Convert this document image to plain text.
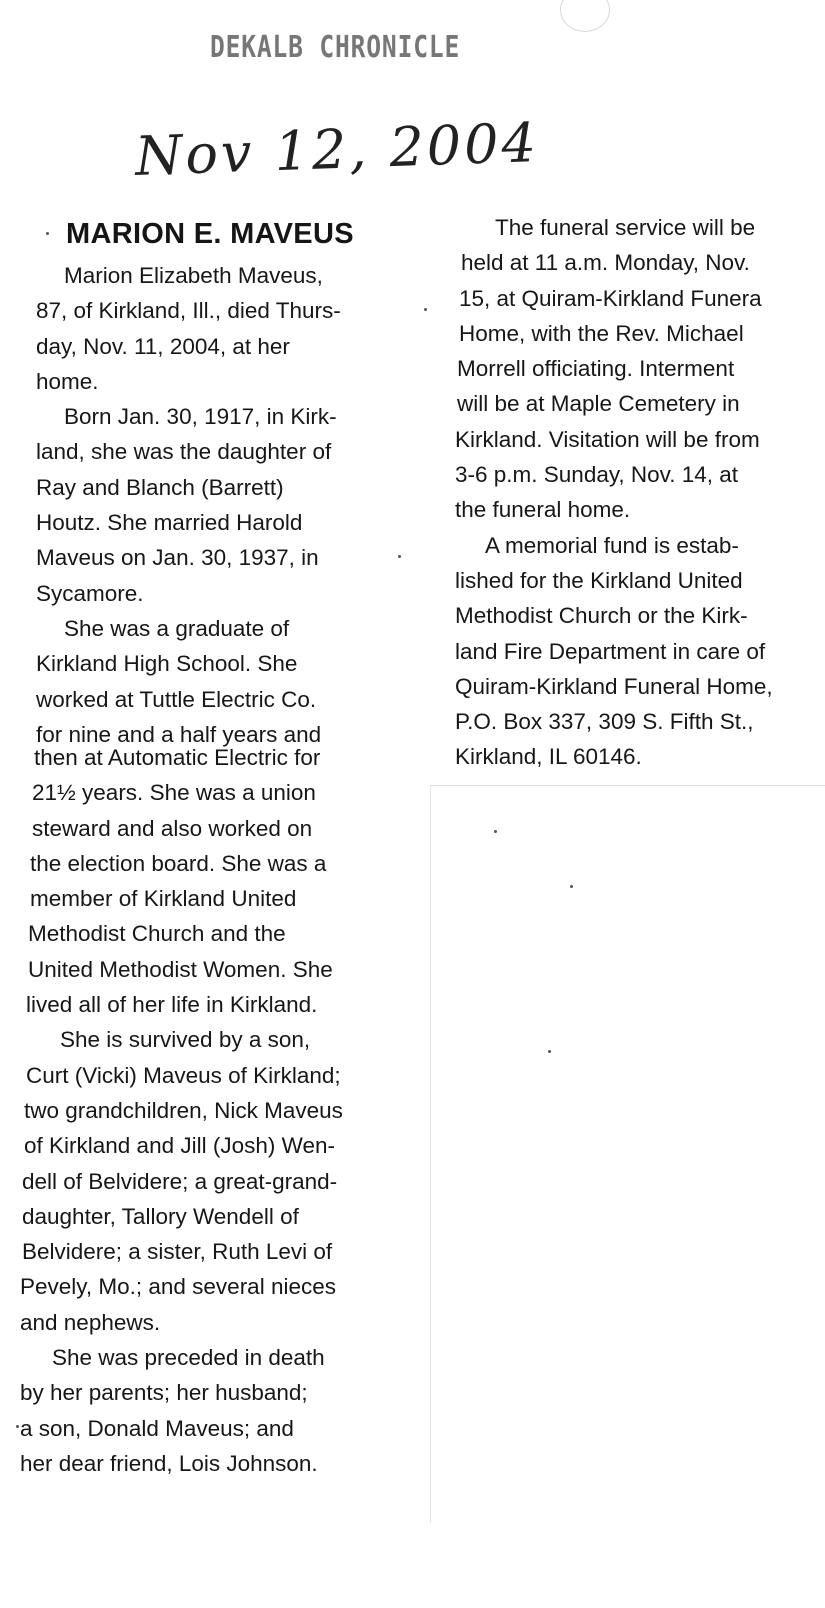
DEKALB CHRONICLE
Nov 12, 2004
MARION E. MAVEUS
Marion Elizabeth Maveus,
87, of Kirkland, Ill., died Thurs-
day, Nov. 11, 2004, at her
home.
Born Jan. 30, 1917, in Kirk-
land, she was the daughter of
Ray and Blanch (Barrett)
Houtz. She married Harold
Maveus on Jan. 30, 1937, in
Sycamore.
She was a graduate of
Kirkland High School. She
worked at Tuttle Electric Co.
for nine and a half years and
then at Automatic Electric for
21½ years. She was a union
steward and also worked on
the election board. She was a
member of Kirkland United
Methodist Church and the
United Methodist Women. She
lived all of her life in Kirkland.
She is survived by a son,
Curt (Vicki) Maveus of Kirkland;
two grandchildren, Nick Maveus
of Kirkland and Jill (Josh) Wen-
dell of Belvidere; a great-grand-
daughter, Tallory Wendell of
Belvidere; a sister, Ruth Levi of
Pevely, Mo.; and several nieces
and nephews.
She was preceded in death
by her parents; her husband;
a son, Donald Maveus; and
her dear friend, Lois Johnson.
The funeral service will be
held at 11 a.m. Monday, Nov.
15, at Quiram-Kirkland Funera
Home, with the Rev. Michael
Morrell officiating. Interment
will be at Maple Cemetery in
Kirkland. Visitation will be from
3-6 p.m. Sunday, Nov. 14, at
the funeral home.
A memorial fund is estab-
lished for the Kirkland United
Methodist Church or the Kirk-
land Fire Department in care of
Quiram-Kirkland Funeral Home,
P.O. Box 337, 309 S. Fifth St.,
Kirkland, IL 60146.
